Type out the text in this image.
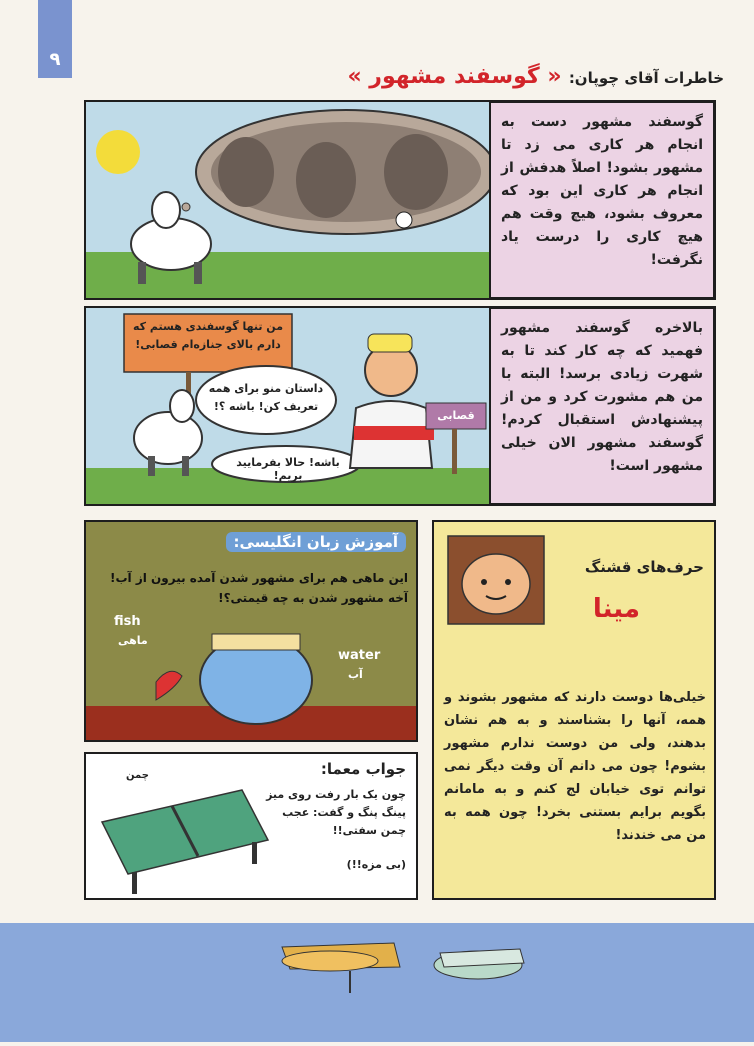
۹
خاطرات آقای چوپان: « گوسفند مشهور »
گوسفند مشهور دست به انجام هر کاری می زد تا مشهور بشود! اصلاً هدفش از انجام هر کاری این بود که معروف بشود، هیچ وقت هم هیچ کاری را درست یاد نگرفت!
من تنها گوسفندی هستم که دارم بالای جنازه‌ام قصابی!
داستان منو برای همه تعریف کن! باشه ؟!
باشه! حالا بفرمایید بریم!
قصابی
بالاخره گوسفند مشهور فهمید که چه کار کند تا به شهرت زیادی برسد! البته با من هم مشورت کرد و من از پیشنهادش استقبال کردم! گوسفند مشهور الان خیلی مشهور است!
آموزش زبان انگلیسی:
این ماهی هم برای مشهور شدن آمده بیرون از آب! آخه مشهور شدن به چه قیمتی؟!
fish
ماهی
water
آب
چمن	جواب معما:
چون یک بار رفت روی میز پینگ پنگ و گفت: عجب چمن سفتی!!
(بی مزه!!)
حرف‌های قشنگ
مینا
خیلی‌ها دوست دارند که مشهور بشوند و همه، آنها را بشناسند و به هم نشان بدهند، ولی من دوست ندارم مشهور بشوم! چون می دانم آن وقت دیگر نمی توانم توی خیابان لج کنم و به مامانم بگویم برایم بستنی بخرد! چون همه به من می خندند!
